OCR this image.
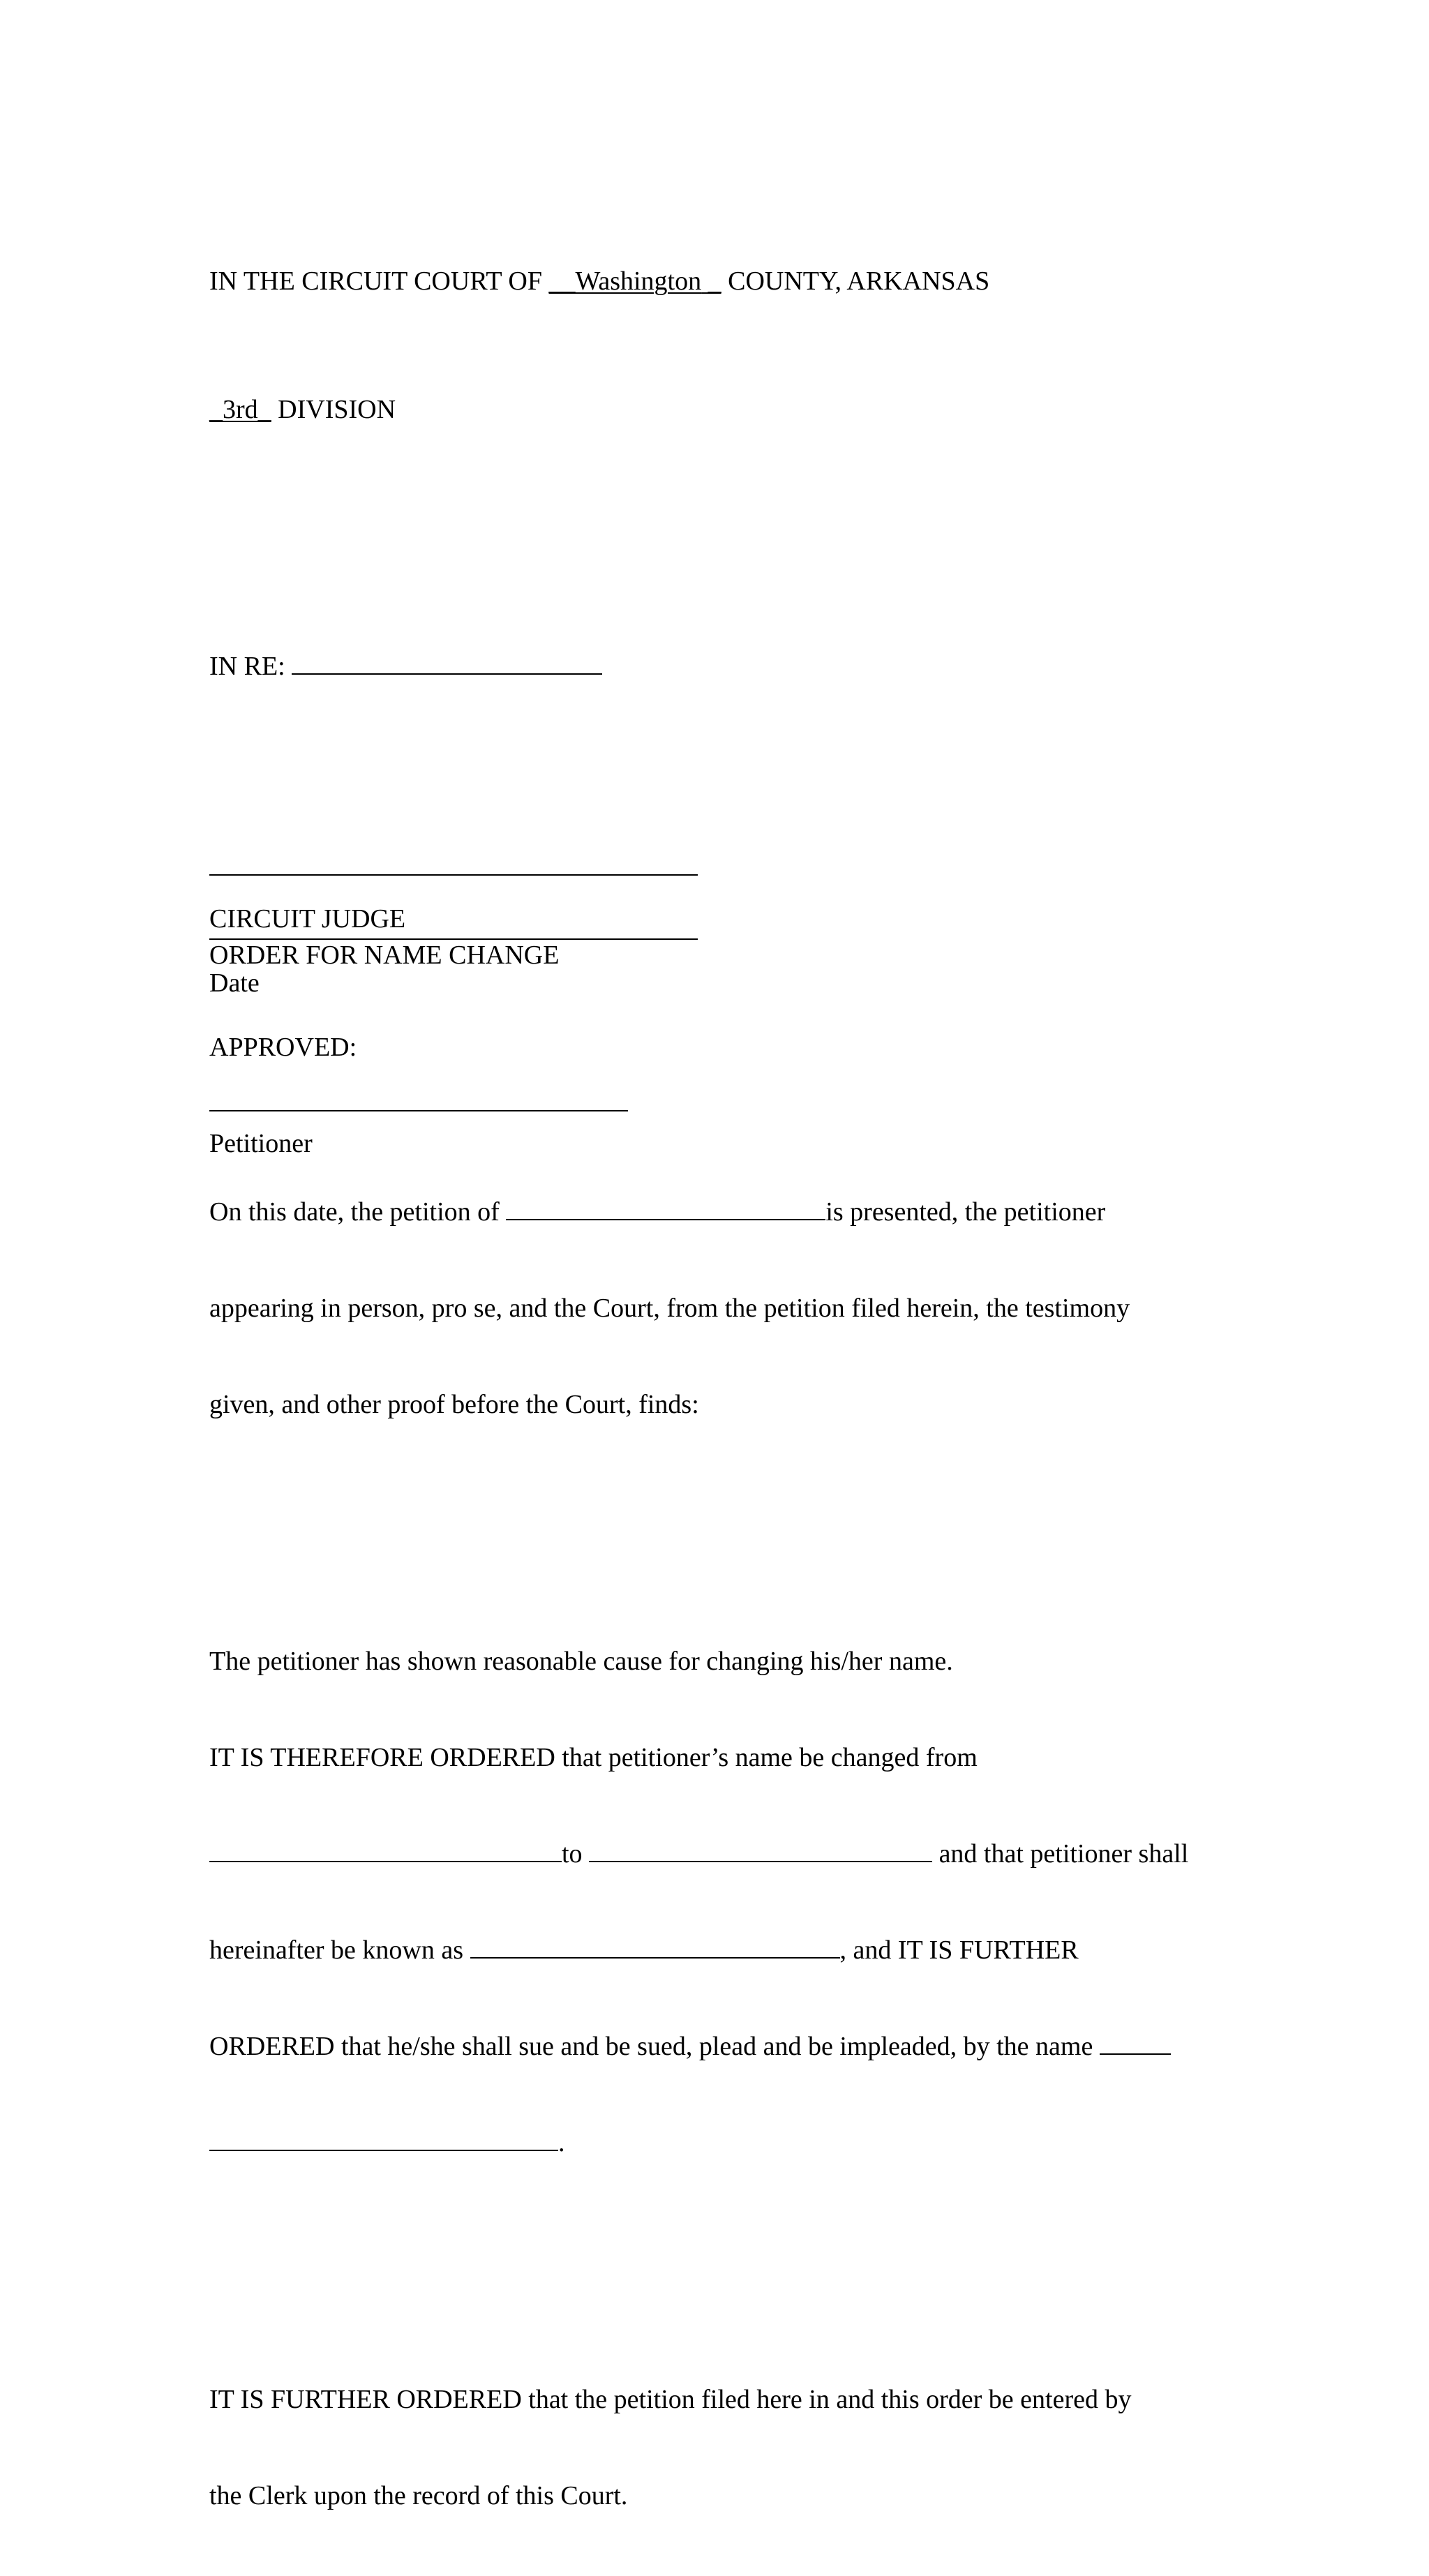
IN THE CIRCUIT COURT OF __Washington _ COUNTY, ARKANSAS

_3rd_ DIVISION

IN RE:

ORDER FOR NAME CHANGE

On this date, the petition of	is presented, the petitioner

appearing in person, pro se, and the Court, from the petition filed herein, the testimony

given, and other proof before the Court, finds:

The petitioner has shown reasonable cause for changing his/her name.

IT IS THEREFORE ORDERED that petitioner’s name be changed from

to	and that petitioner shall

hereinafter be known as	, and IT IS FURTHER

ORDERED that he/she shall sue and be sued, plead and be impleaded, by the name

.

IT IS FURTHER ORDERED that the petition filed here in and this order be entered by

the Clerk upon the record of this Court.

CIRCUIT JUDGE
Date
APPROVED:
Petitioner
